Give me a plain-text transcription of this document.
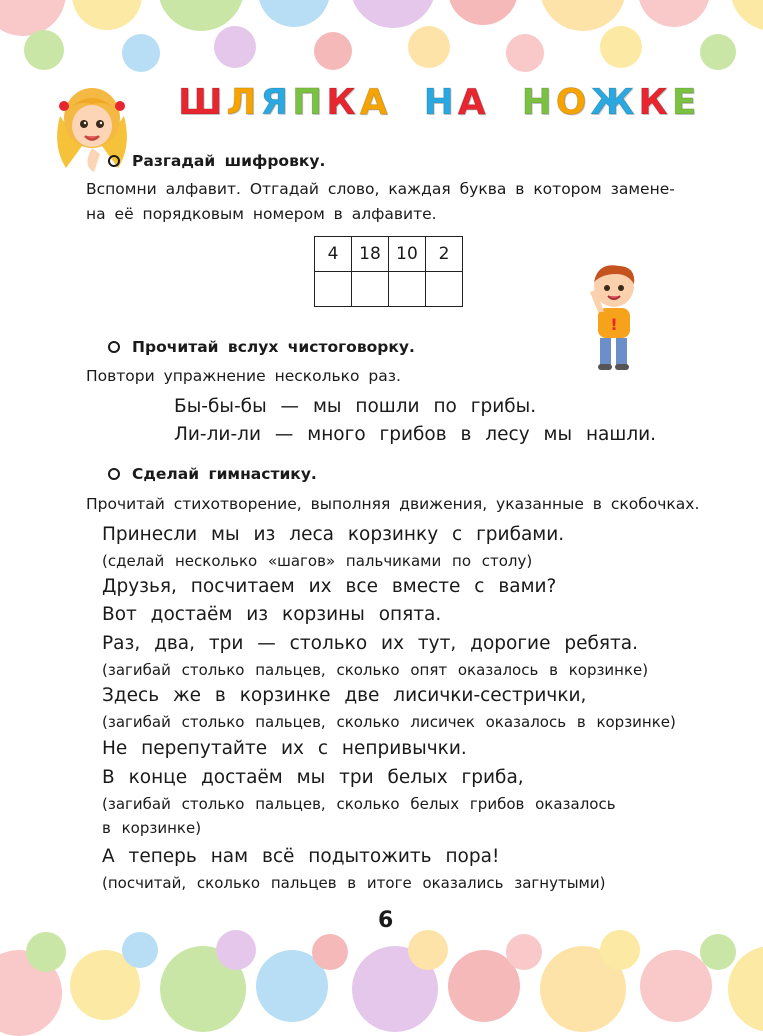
!
ШЛЯПКА НА НОЖКЕ
Разгадай шифровку.
Вспомни алфавит. Отгадай слово, каждая буква в котором замене-
на её порядковым номером в алфавите.
4	18	10	2

Прочитай вслух чистоговорку.
Повтори упражнение несколько раз.
Бы-бы-бы — мы пошли по грибы.
Ли-ли-ли — много грибов в лесу мы нашли.
Сделай гимнастику.
Прочитай стихотворение, выполняя движения, указанные в скобочках.
Принесли мы из леса корзинку с грибами.
(сделай несколько «шагов» пальчиками по столу)
Друзья, посчитаем их все вместе с вами?
Вот достаём из корзины опята.
Раз, два, три — столько их тут, дорогие ребята.
(загибай столько пальцев, сколько опят оказалось в корзинке)
Здесь же в корзинке две лисички-сестрички,
(загибай столько пальцев, сколько лисичек оказалось в корзинке)
Не перепутайте их с непривычки.
В конце достаём мы три белых гриба,
(загибай столько пальцев, сколько белых грибов оказалось
в корзинке)
А теперь нам всё подытожить пора!
(посчитай, сколько пальцев в итоге оказались загнутыми)
6
